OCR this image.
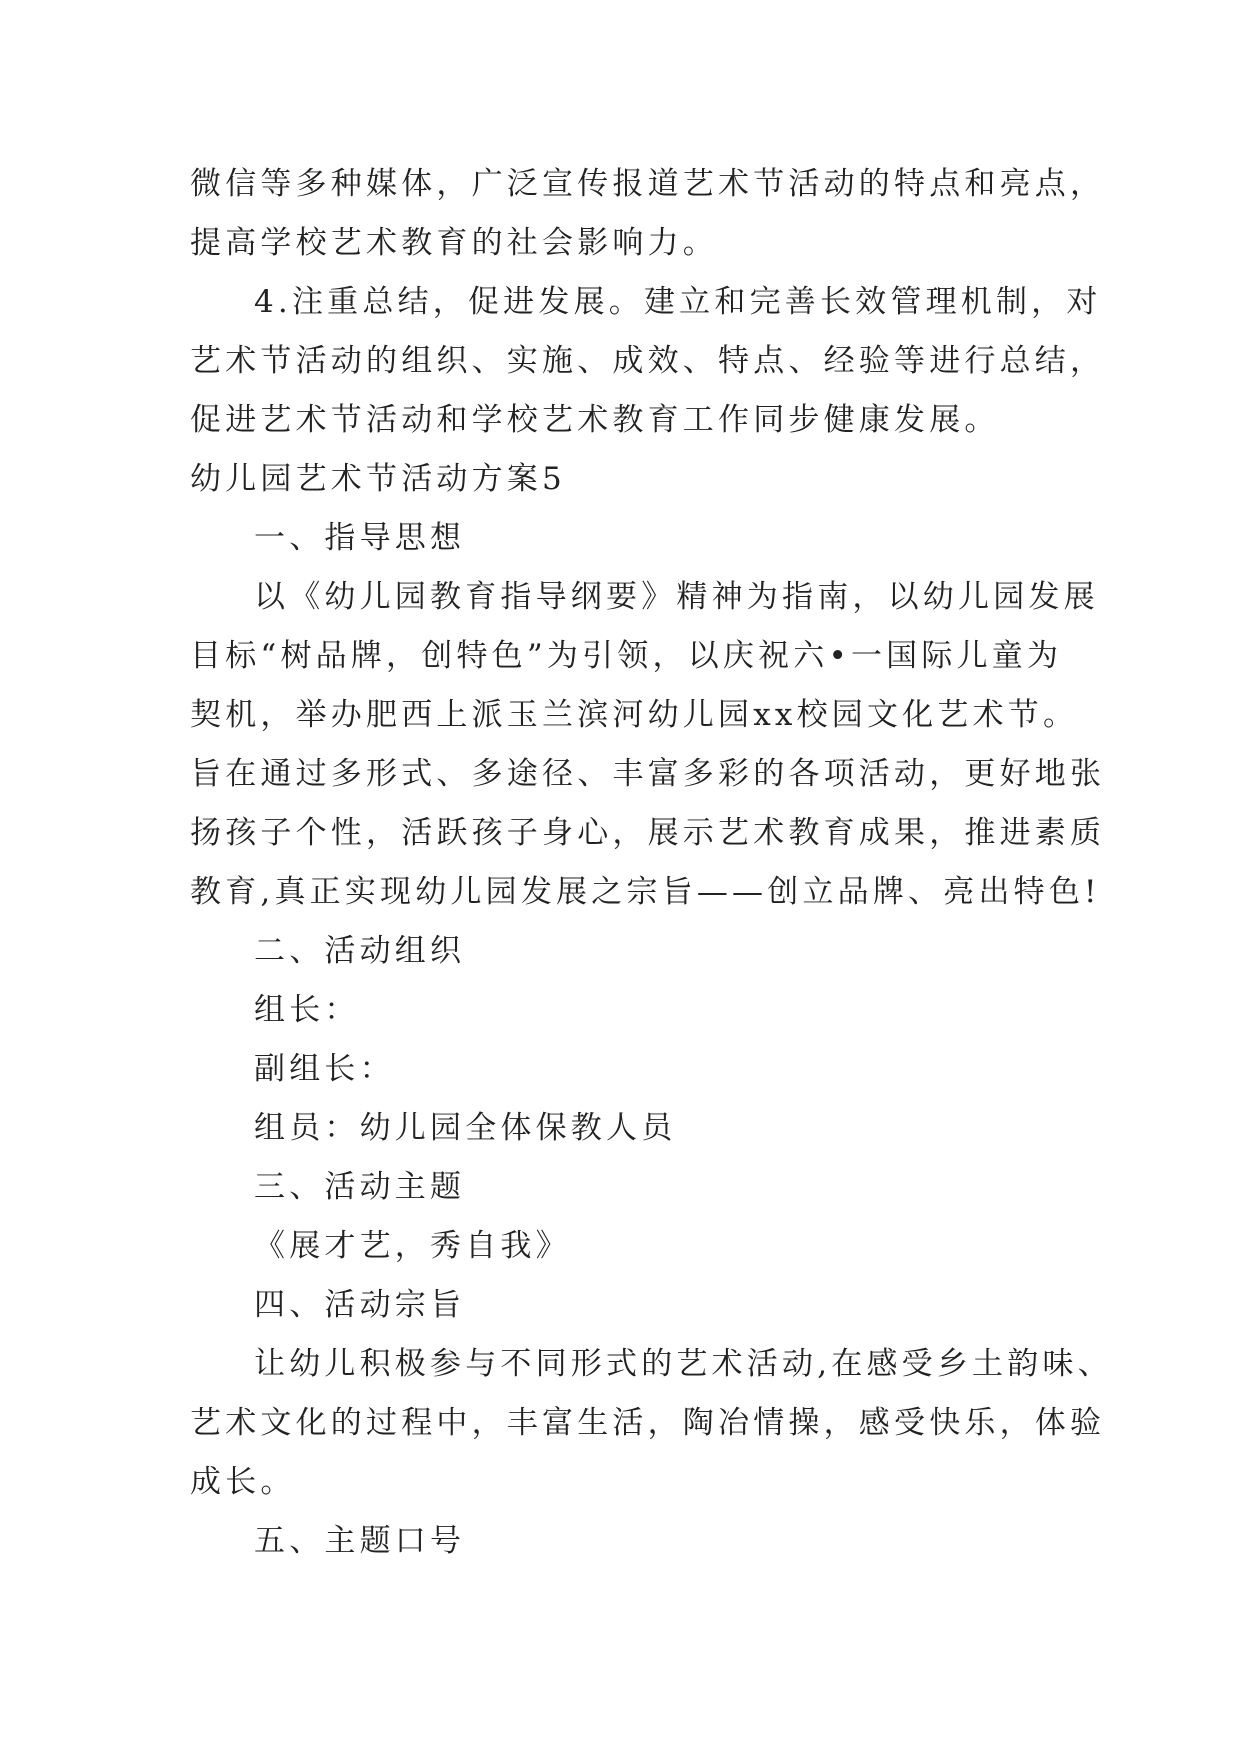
微信等多种媒体，广泛宣传报道艺术节活动的特点和亮点，
提高学校艺术教育的社会影响力。
4.注重总结，促进发展。建立和完善长效管理机制，对
艺术节活动的组织、实施、成效、特点、经验等进行总结，
促进艺术节活动和学校艺术教育工作同步健康发展。
幼儿园艺术节活动方案5
一、指导思想
以《幼儿园教育指导纲要》精神为指南，以幼儿园发展
目标“树品牌，创特色”为引领，以庆祝六•一国际儿童为
契机，举办肥西上派玉兰滨河幼儿园xx校园文化艺术节。
旨在通过多形式、多途径、丰富多彩的各项活动，更好地张
扬孩子个性，活跃孩子身心，展示艺术教育成果，推进素质
教育,真正实现幼儿园发展之宗旨——创立品牌、亮出特色!
二、活动组织
组长：
副组长：
组员：幼儿园全体保教人员
三、活动主题
《展才艺，秀自我》
四、活动宗旨
让幼儿积极参与不同形式的艺术活动,在感受乡土韵味、
艺术文化的过程中，丰富生活，陶冶情操，感受快乐，体验
成长。
五、主题口号
